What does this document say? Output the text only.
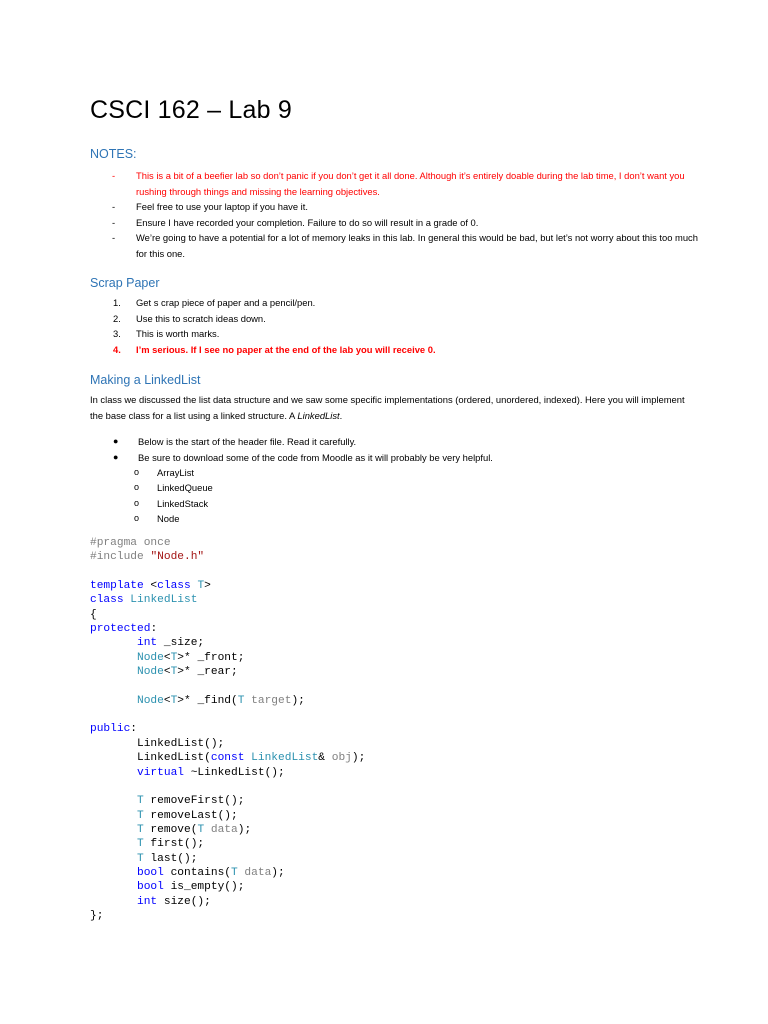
CSCI 162 – Lab 9
NOTES:
- This is a bit of a beefier lab so don’t panic if you don’t get it all done. Although it’s entirely doable during the lab time, I don’t want you rushing through things and missing the learning objectives.
- Feel free to use your laptop if you have it.
- Ensure I have recorded your completion. Failure to do so will result in a grade of 0.
- We’re going to have a potential for a lot of memory leaks in this lab. In general this would be bad, but let’s not worry about this too much for this one.
Scrap Paper
1. Get s crap piece of paper and a pencil/pen.
2. Use this to scratch ideas down.
3. This is worth marks.
4. I’m serious. If I see no paper at the end of the lab you will receive 0.
Making a LinkedList
In class we discussed the list data structure and we saw some specific implementations (ordered, unordered, indexed). Here you will implement the base class for a list using a linked structure. A LinkedList.
● Below is the start of the header file. Read it carefully.
● Be sure to download some of the code from Moodle as it will probably be very helpful.
o ArrayList
o LinkedQueue
o LinkedStack
o Node
#pragma once
#include "Node.h"

template <class T>
class LinkedList
{
protected:
int _size;
Node<T>* _front;
Node<T>* _rear;

Node<T>* _find(T target);

public:
LinkedList();
LinkedList(const LinkedList& obj);
virtual ~LinkedList();

T removeFirst();
T removeLast();
T remove(T data);
T first();
T last();
bool contains(T data);
bool is_empty();
int size();
};
